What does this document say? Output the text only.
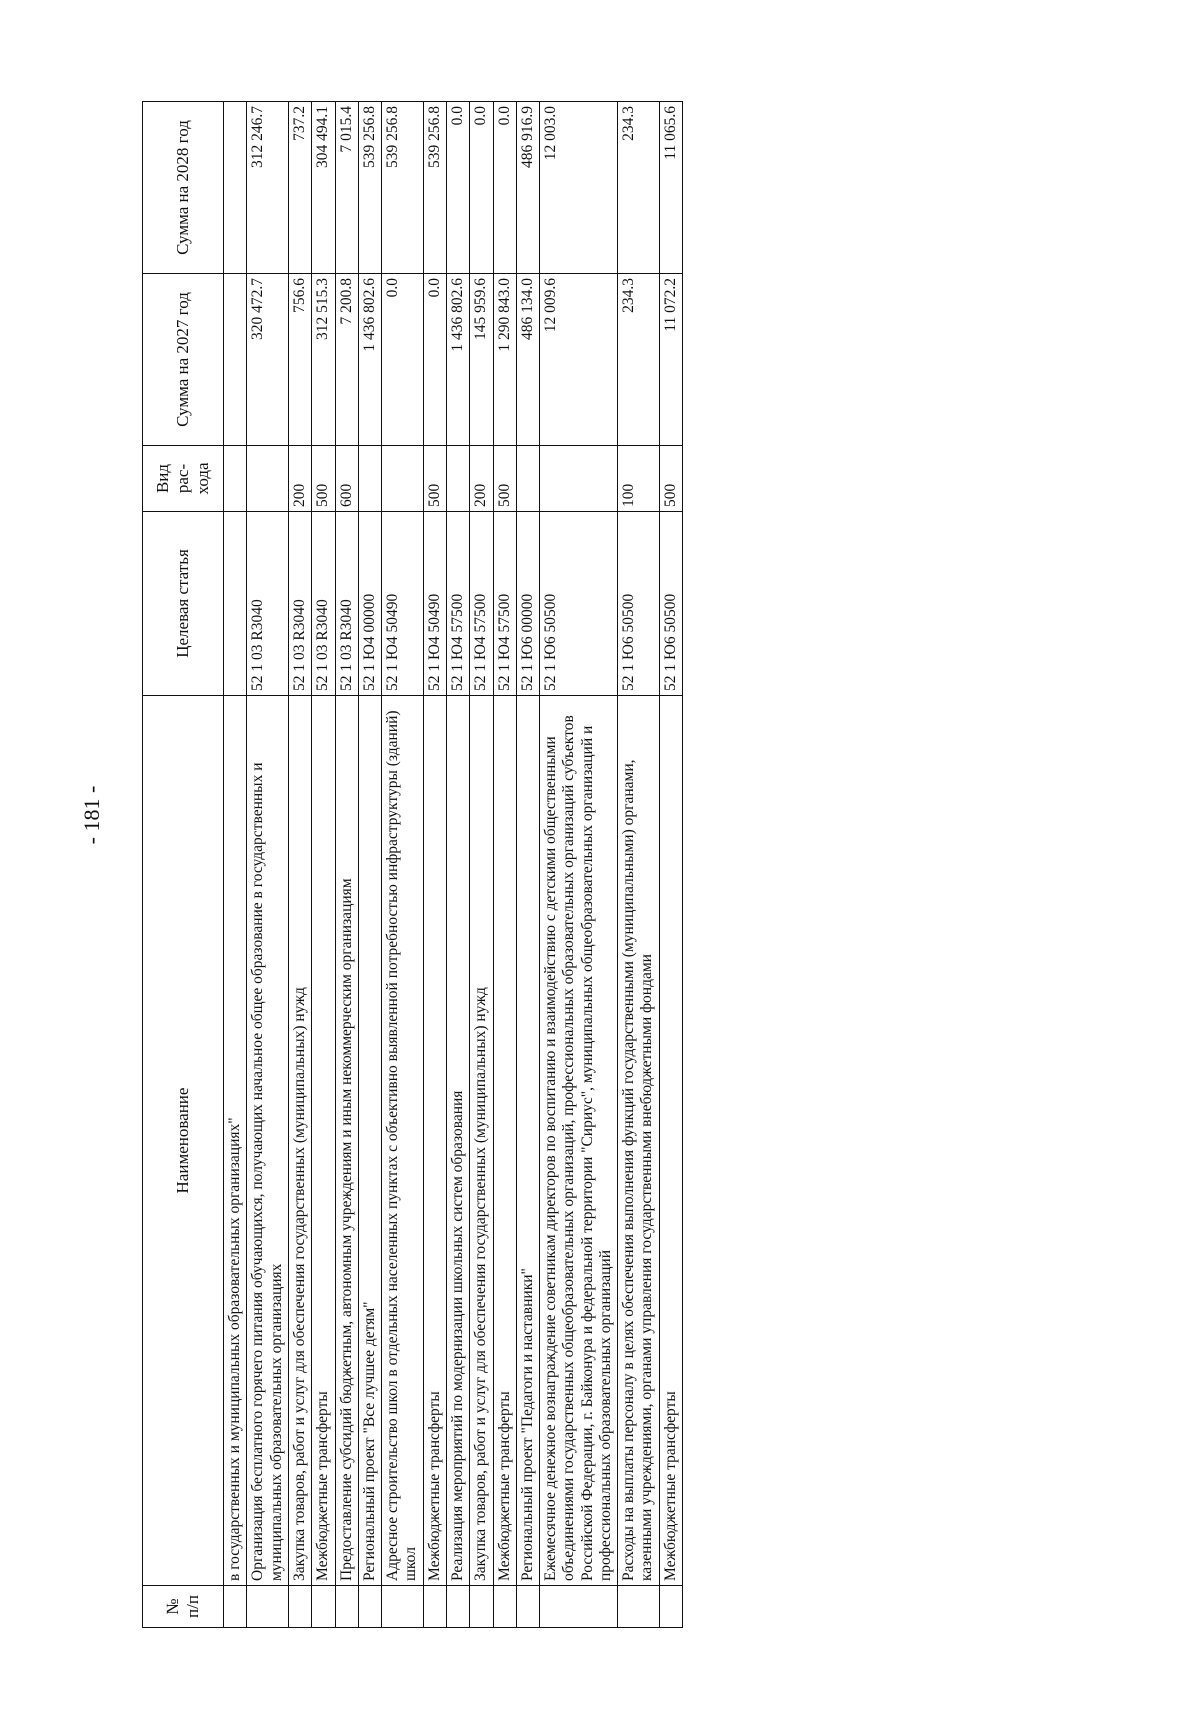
- 181 -
№ п/п	Наименование	Целевая статья	Вид рас- хода	Сумма на 2027 год	Сумма на 2028 год
	в государственных и муниципальных образовательных организациях"				
	Организация бесплатного горячего питания обучающихся, получающих начальное общее образование в государственных и муниципальных образовательных организациях	52 1 03 R3040		320 472.7	312 246.7
	Закупка товаров, работ и услуг для обеспечения государственных (муниципальных) нужд	52 1 03 R3040	200	756.6	737.2
	Межбюджетные трансферты	52 1 03 R3040	500	312 515.3	304 494.1
	Предоставление субсидий бюджетным, автономным учреждениям и иным некоммерческим организациям	52 1 03 R3040	600	7 200.8	7 015.4
	Региональный проект "Все лучшее детям"	52 1 Ю4 00000		1 436 802.6	539 256.8
	Адресное строительство школ в отдельных населенных пунктах с объективно выявленной потребностью инфраструктуры (зданий) школ	52 1 Ю4 50490		0.0	539 256.8
	Межбюджетные трансферты	52 1 Ю4 50490	500	0.0	539 256.8
	Реализация мероприятий по модернизации школьных систем образования	52 1 Ю4 57500		1 436 802.6	0.0
	Закупка товаров, работ и услуг для обеспечения государственных (муниципальных) нужд	52 1 Ю4 57500	200	145 959.6	0.0
	Межбюджетные трансферты	52 1 Ю4 57500	500	1 290 843.0	0.0
	Региональный проект "Педагоги и наставники"	52 1 Ю6 00000		486 134.0	486 916.9
	Ежемесячное денежное вознаграждение советникам директоров по воспитанию и взаимодействию с детскими общественными объединениями государственных общеобразовательных организаций, профессиональных образовательных организаций субъектов Российской Федерации, г. Байконура и федеральной территории "Сириус", муниципальных общеобразовательных организаций и профессиональных образовательных организаций	52 1 Ю6 50500		12 009.6	12 003.0
	Расходы на выплаты персоналу в целях обеспечения выполнения функций государственными (муниципальными) органами, казенными учреждениями, органами управления государственными внебюджетными фондами	52 1 Ю6 50500	100	234.3	234.3
	Межбюджетные трансферты	52 1 Ю6 50500	500	11 072.2	11 065.6
